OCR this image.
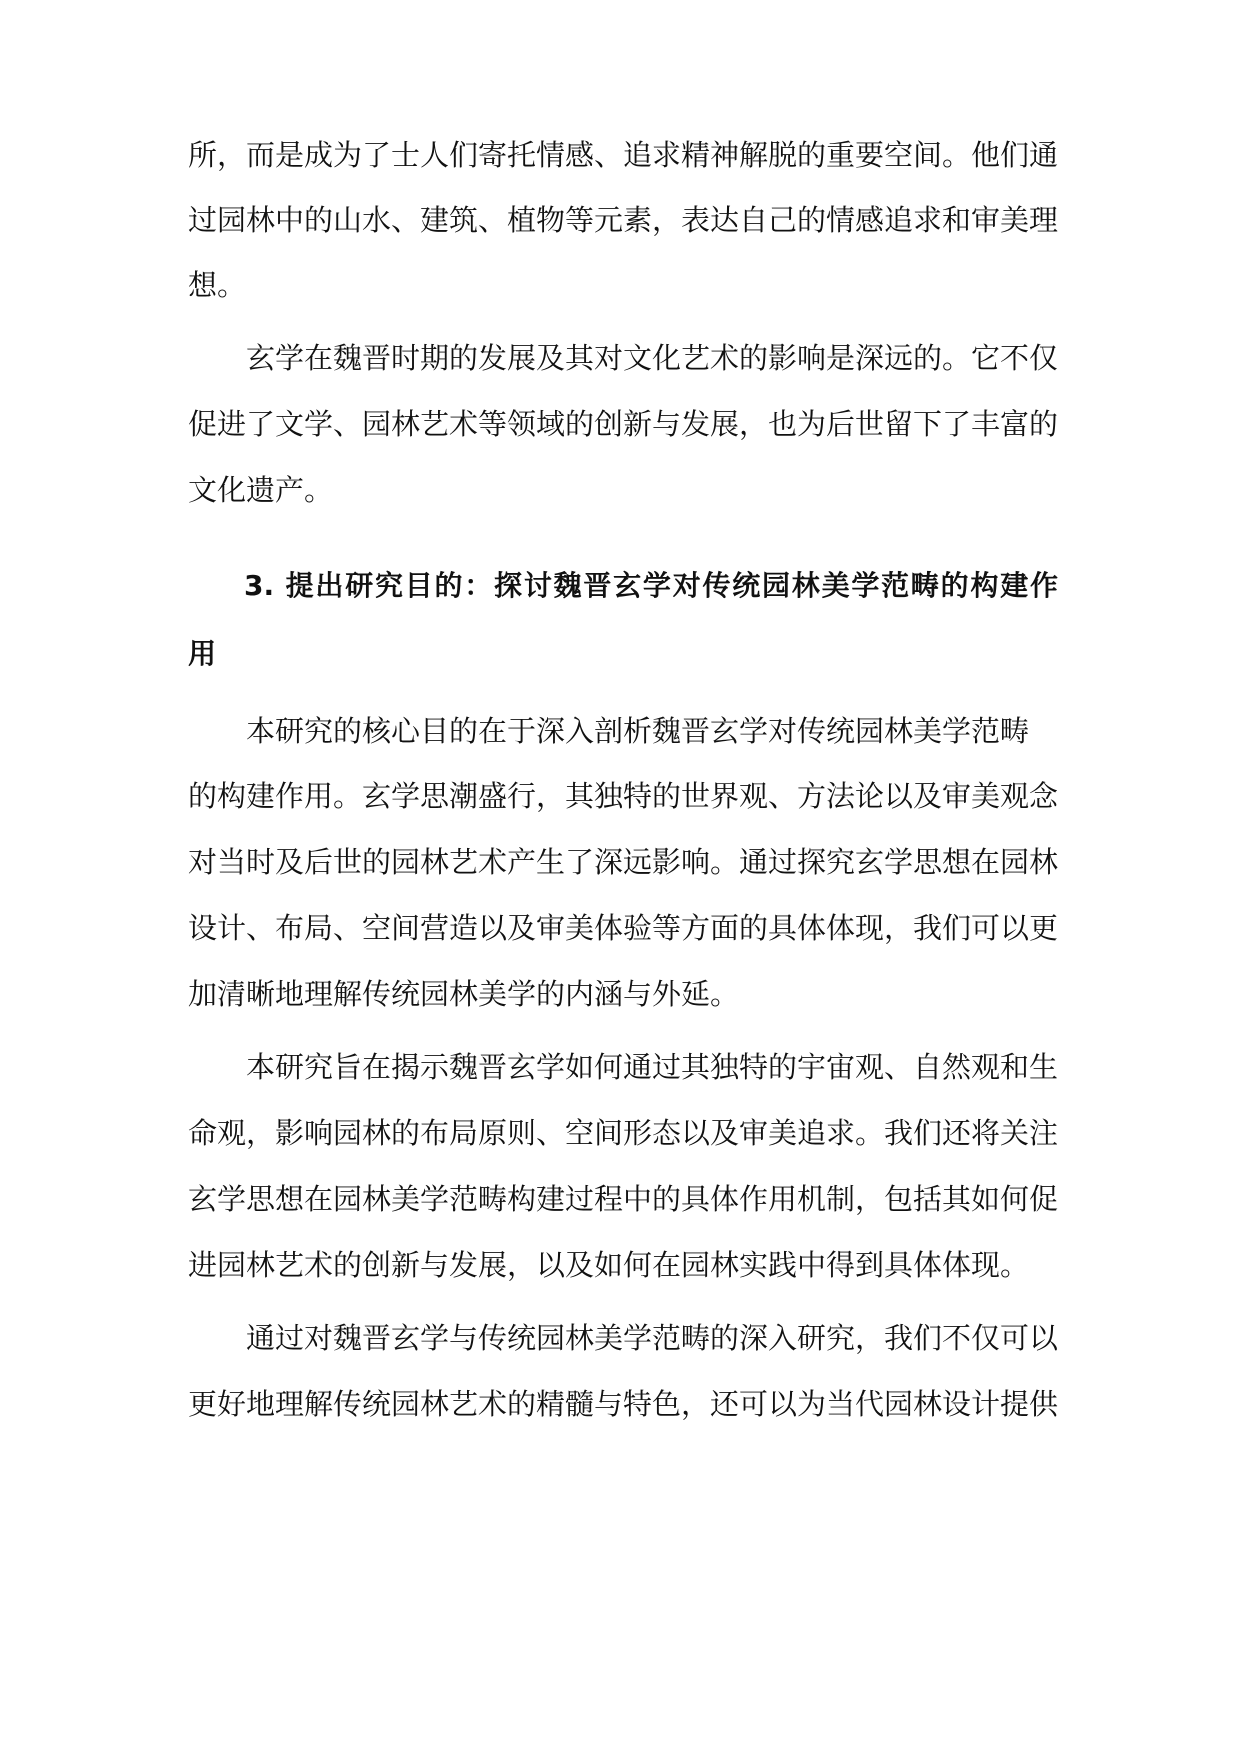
所，而是成为了士人们寄托情感、追求精神解脱的重要空间。他们通
过园林中的山水、建筑、植物等元素，表达自己的情感追求和审美理
想。
玄学在魏晋时期的发展及其对文化艺术的影响是深远的。它不仅
促进了文学、园林艺术等领域的创新与发展，也为后世留下了丰富的
文化遗产。
3. 提出研究目的：探讨魏晋玄学对传统园林美学范畴的构建作
用
本研究的核心目的在于深入剖析魏晋玄学对传统园林美学范畴
的构建作用。玄学思潮盛行，其独特的世界观、方法论以及审美观念
对当时及后世的园林艺术产生了深远影响。通过探究玄学思想在园林
设计、布局、空间营造以及审美体验等方面的具体体现，我们可以更
加清晰地理解传统园林美学的内涵与外延。
本研究旨在揭示魏晋玄学如何通过其独特的宇宙观、自然观和生
命观，影响园林的布局原则、空间形态以及审美追求。我们还将关注
玄学思想在园林美学范畴构建过程中的具体作用机制，包括其如何促
进园林艺术的创新与发展，以及如何在园林实践中得到具体体现。
通过对魏晋玄学与传统园林美学范畴的深入研究，我们不仅可以
更好地理解传统园林艺术的精髓与特色，还可以为当代园林设计提供
